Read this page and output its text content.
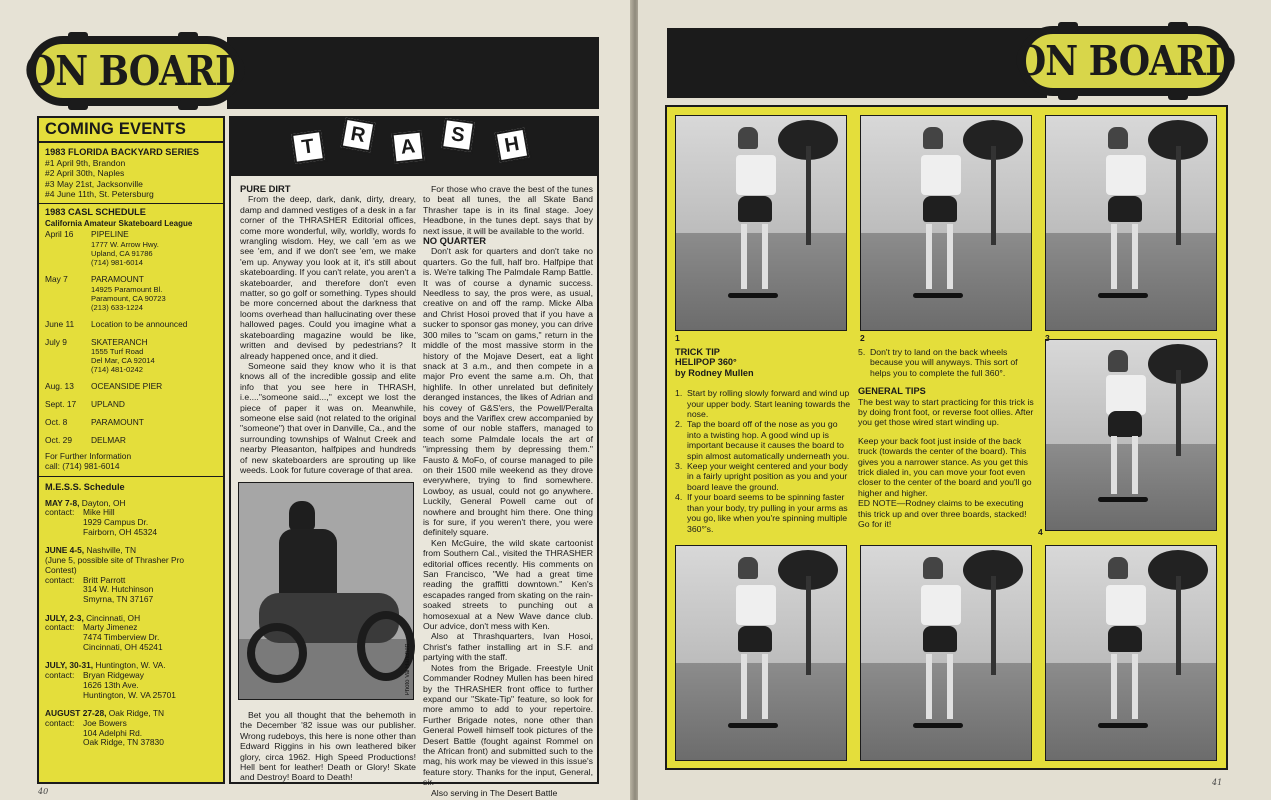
ON BOARD
COMING EVENTS
1983 FLORIDA BACKYARD SERIES
#1 April 9th, Brandon
#2 April 30th, Naples
#3 May 21st, Jacksonville
#4 June 11th, St. Petersburg
1983 CASL SCHEDULE
California Amateur Skateboard League
April 16	PIPELINE
1777 W. Arrow Hwy.
Upland, CA 91786
(714) 981-6014
May 7	PARAMOUNT
14925 Paramount Bl.
Paramount, CA 90723
(213) 633-1224
June 11	Location to be announced
July 9	SKATERANCH
1555 Turf Road
Del Mar, CA 92014
(714) 481-0242
Aug. 13	OCEANSIDE PIER
Sept. 17	UPLAND
Oct. 8	PARAMOUNT
Oct. 29	DELMAR
For Further Information
call: (714) 981-6014
M.E.S.S. Schedule
MAY 7-8, Dayton, OH
contact:	Mike Hill
1929 Campus Dr.
Fairborn, OH 45324
JUNE 4-5, Nashville, TN
(June 5, possible site of Thrasher Pro Contest)
contact:	Britt Parrott
314 W. Hutchinson
Smyrna, TN 37167
JULY, 2-3, Cincinnati, OH
contact:	Marty Jimenez
7474 Timberview Dr.
Cincinnati, OH 45241
JULY, 30-31, Huntington, W. VA.
contact:	Bryan Ridgeway
1626 13th Ave.
Huntington, W. VA 25701
AUGUST 27-28, Oak Ridge, TN
contact:	Joe Bowers
104 Adelphi Rd.
Oak Ridge, TN 37830
T	R	A
S	H

PURE DIRT

From the deep, dark, dank, dirty, dreary, damp and damned vestiges of a desk in a far corner of the THRASHER Editorial offices, come more wonderful, wily, worldly, words fo wrangling wisdom. Hey, we call 'em as we see 'em, and if we don't see 'em, we make 'em up. Anyway you look at it, it's still about skateboarding. If you can't relate, you aren't a skateboarder, and therefore don't even matter, so go golf or something. Types should be more concerned about the darkness that looms overhead than hallucinating over these hallowed pages. Could you imagine what a skateboarding magazine would be like, written and devised by pedestrians? It already happened once, and it died.

Someone said they know who it is that knows all of the incredible gossip and elite info that you see here in THRASH, i.e...."someone said...," except we lost the piece of paper it was on. Meanwhile, someone else said (not related to the original "someone") that over in Danville, Ca., and the surrounding townships of Walnut Creek and nearby Pleasanton, halfpipes and hundreds of new skateboarders are sprouting up like weeds. Look for future coverage of that area.

Photo Val Hanchett

Bet you all thought that the behemoth in the December '82 issue was our publisher. Wrong rudeboys, this here is none other than Edward Riggins in his own leathered biker glory, circa 1962. High Speed Productions! Hell bent for leather! Death or Glory! Skate and Destroy! Board to Death!

For those who crave the best of the tunes to beat all tunes, the all Skate Band Thrasher tape is in its final stage. Joey Headbone, in the tunes dept. says that by next issue, it will be available to the world.

NO QUARTER

Don't ask for quarters and don't take no quarters. Go the full, half bro. Halfpipe that is. We're talking The Palmdale Ramp Battle. It was of course a dynamic success. Needless to say, the pros were, as usual, creative on and off the ramp. Micke Alba and Christ Hosoi proved that if you have a sucker to sponsor gas money, you can drive 300 miles to "scam on gams," return in the middle of the most massive storm in the history of the Mojave Desert, eat a light snack at 3 a.m., and then compete in a major Pro event the same a.m. Oh, that highlife. In other unrelated but definitely deranged instances, the likes of Adrian and his covey of G&S'ers, the Powell/Peralta boys and the Variflex crew accompanied by some of our noble staffers, managed to teach some Palmdale locals the art of "impressing them by depressing them." Fausto & MoFo, of course managed to pile on their 1500 mile weekend as they drove everywhere, trying to find somewhere. Lowboy, as usual, could not go anywhere. Luckily, General Powell came out of nowhere and brought him there. One thing is for sure, if you weren't there, you were definitely square.

Ken McGuire, the wild skate cartoonist from Southern Cal., visited the THRASHER editorial offices recently. His comments on San Francisco, "We had a great time reading the graffitti downtown." Ken's escapades ranged from skating on the rain-soaked streets to punching out a homosexual at a New Wave dance club. Our advice, don't mess with Ken.

Also at Thrashquarters, Ivan Hosoi, Christ's father installing art in S.F. and partying with the staff.

Notes from the Brigade. Freestyle Unit Commander Rodney Mullen has been hired by the THRASHER front office to further expand our "Skate-Tip" feature, so look for more ammo to add to your repertoire. Further Brigade notes, none other than General Powell himself took pictures of the Desert Battle (fought against Rommel on the African front) and submitted such to the mag, his work may be viewed in this issue's feature story. Thanks for the input, General, sir.

Also serving in The Desert Battle

40
ON BOARD
1	2	3
4
TRICK TIP
HELIPOP 360°
by Rodney Mullen
1. Start by rolling slowly forward and wind up your upper body. Start leaning towards the nose.
2. Tap the board off of the nose as you go into a twisting hop. A good wind up is important because it causes the board to spin almost automatically underneath you.
3. Keep your weight centered and your body in a fairly upright position as you and your board leave the ground.
4. If your board seems to be spinning faster than your body, try pulling in your arms as you go, like when you're spinning multiple 360°'s.
5. Don't try to land on the back wheels because you will anyways. This sort of helps you to complete the full 360°.
GENERAL TIPS
The best way to start practicing for this trick is by doing front foot, or reverse foot ollies. After you get those wired start winding up.
Keep your back foot just inside of the back truck (towards the center of the board). This gives you a narrower stance. As you get this trick dialed in, you can move your foot even closer to the center of the board and you'll go higher and higher.
ED NOTE—Rodney claims to be executing this trick up and over three boards, stacked! Go for it!
41
